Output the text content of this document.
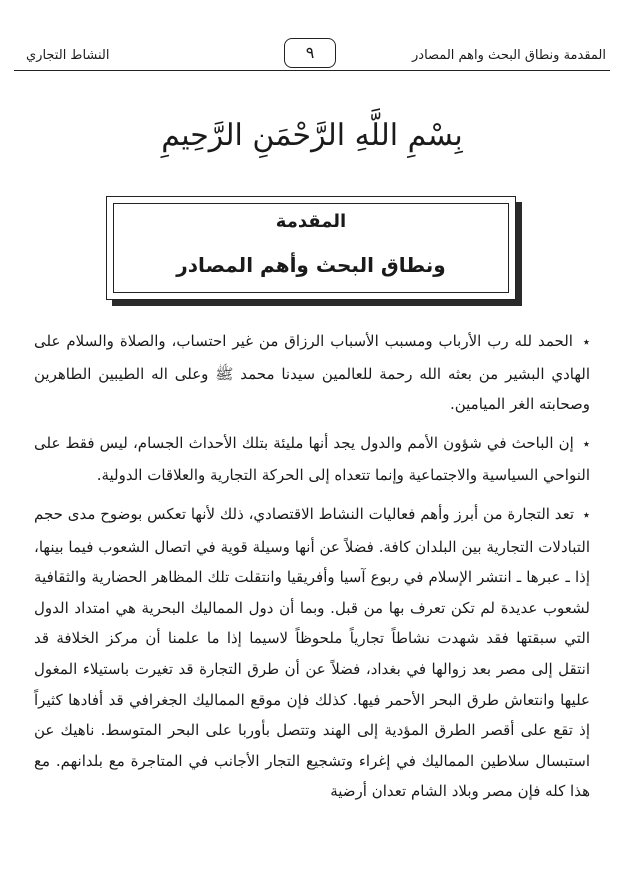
النشاط التجاري	٩	المقدمة ونطاق البحث واهم المصادر
بِسْمِ اللَّهِ الرَّحْمَنِ الرَّحِيمِ
المقدمة
ونطاق البحث وأهم المصادر

٭ الحمد لله رب الأرباب ومسبب الأسباب الرزاق من غير احتساب، والصلاة والسلام على الهادي البشير من بعثه الله رحمة للعالمين سيدنا محمد ﷺ وعلى اله الطيبين الطاهرين وصحابته الغر الميامين.

٭ إن الباحث في شؤون الأمم والدول يجد أنها مليئة بتلك الأحداث الجسام، ليس فقط على النواحي السياسية والاجتماعية وإنما تتعداه إلى الحركة التجارية والعلاقات الدولية.

٭ تعد التجارة من أبرز وأهم فعاليات النشاط الاقتصادي، ذلك لأنها تعكس بوضوح مدى حجم التبادلات التجارية بين البلدان كافة. فضلاً عن أنها وسيلة قوية في اتصال الشعوب فيما بينها، إذا ـ عبرها ـ انتشر الإسلام في ربوع آسيا وأفريقيا وانتقلت تلك المظاهر الحضارية والثقافية لشعوب عديدة لم تكن تعرف بها من قبل. وبما أن دول المماليك البحرية هي امتداد الدول التي سبقتها فقد شهدت نشاطاً تجارياً ملحوظاً لاسيما إذا ما علمنا أن مركز الخلافة قد انتقل إلى مصر بعد زوالها في بغداد، فضلاً عن أن طرق التجارة قد تغيرت باستيلاء المغول عليها وانتعاش طرق البحر الأحمر فيها. كذلك فإن موقع المماليك الجغرافي قد أفادها كثيراً إذ تقع على أقصر الطرق المؤدية إلى الهند وتتصل بأوربا على البحر المتوسط. ناهيك عن استبسال سلاطين المماليك في إغراء وتشجيع التجار الأجانب في المتاجرة مع بلدانهم. مع هذا كله فإن مصر وبلاد الشام تعدان أرضية
